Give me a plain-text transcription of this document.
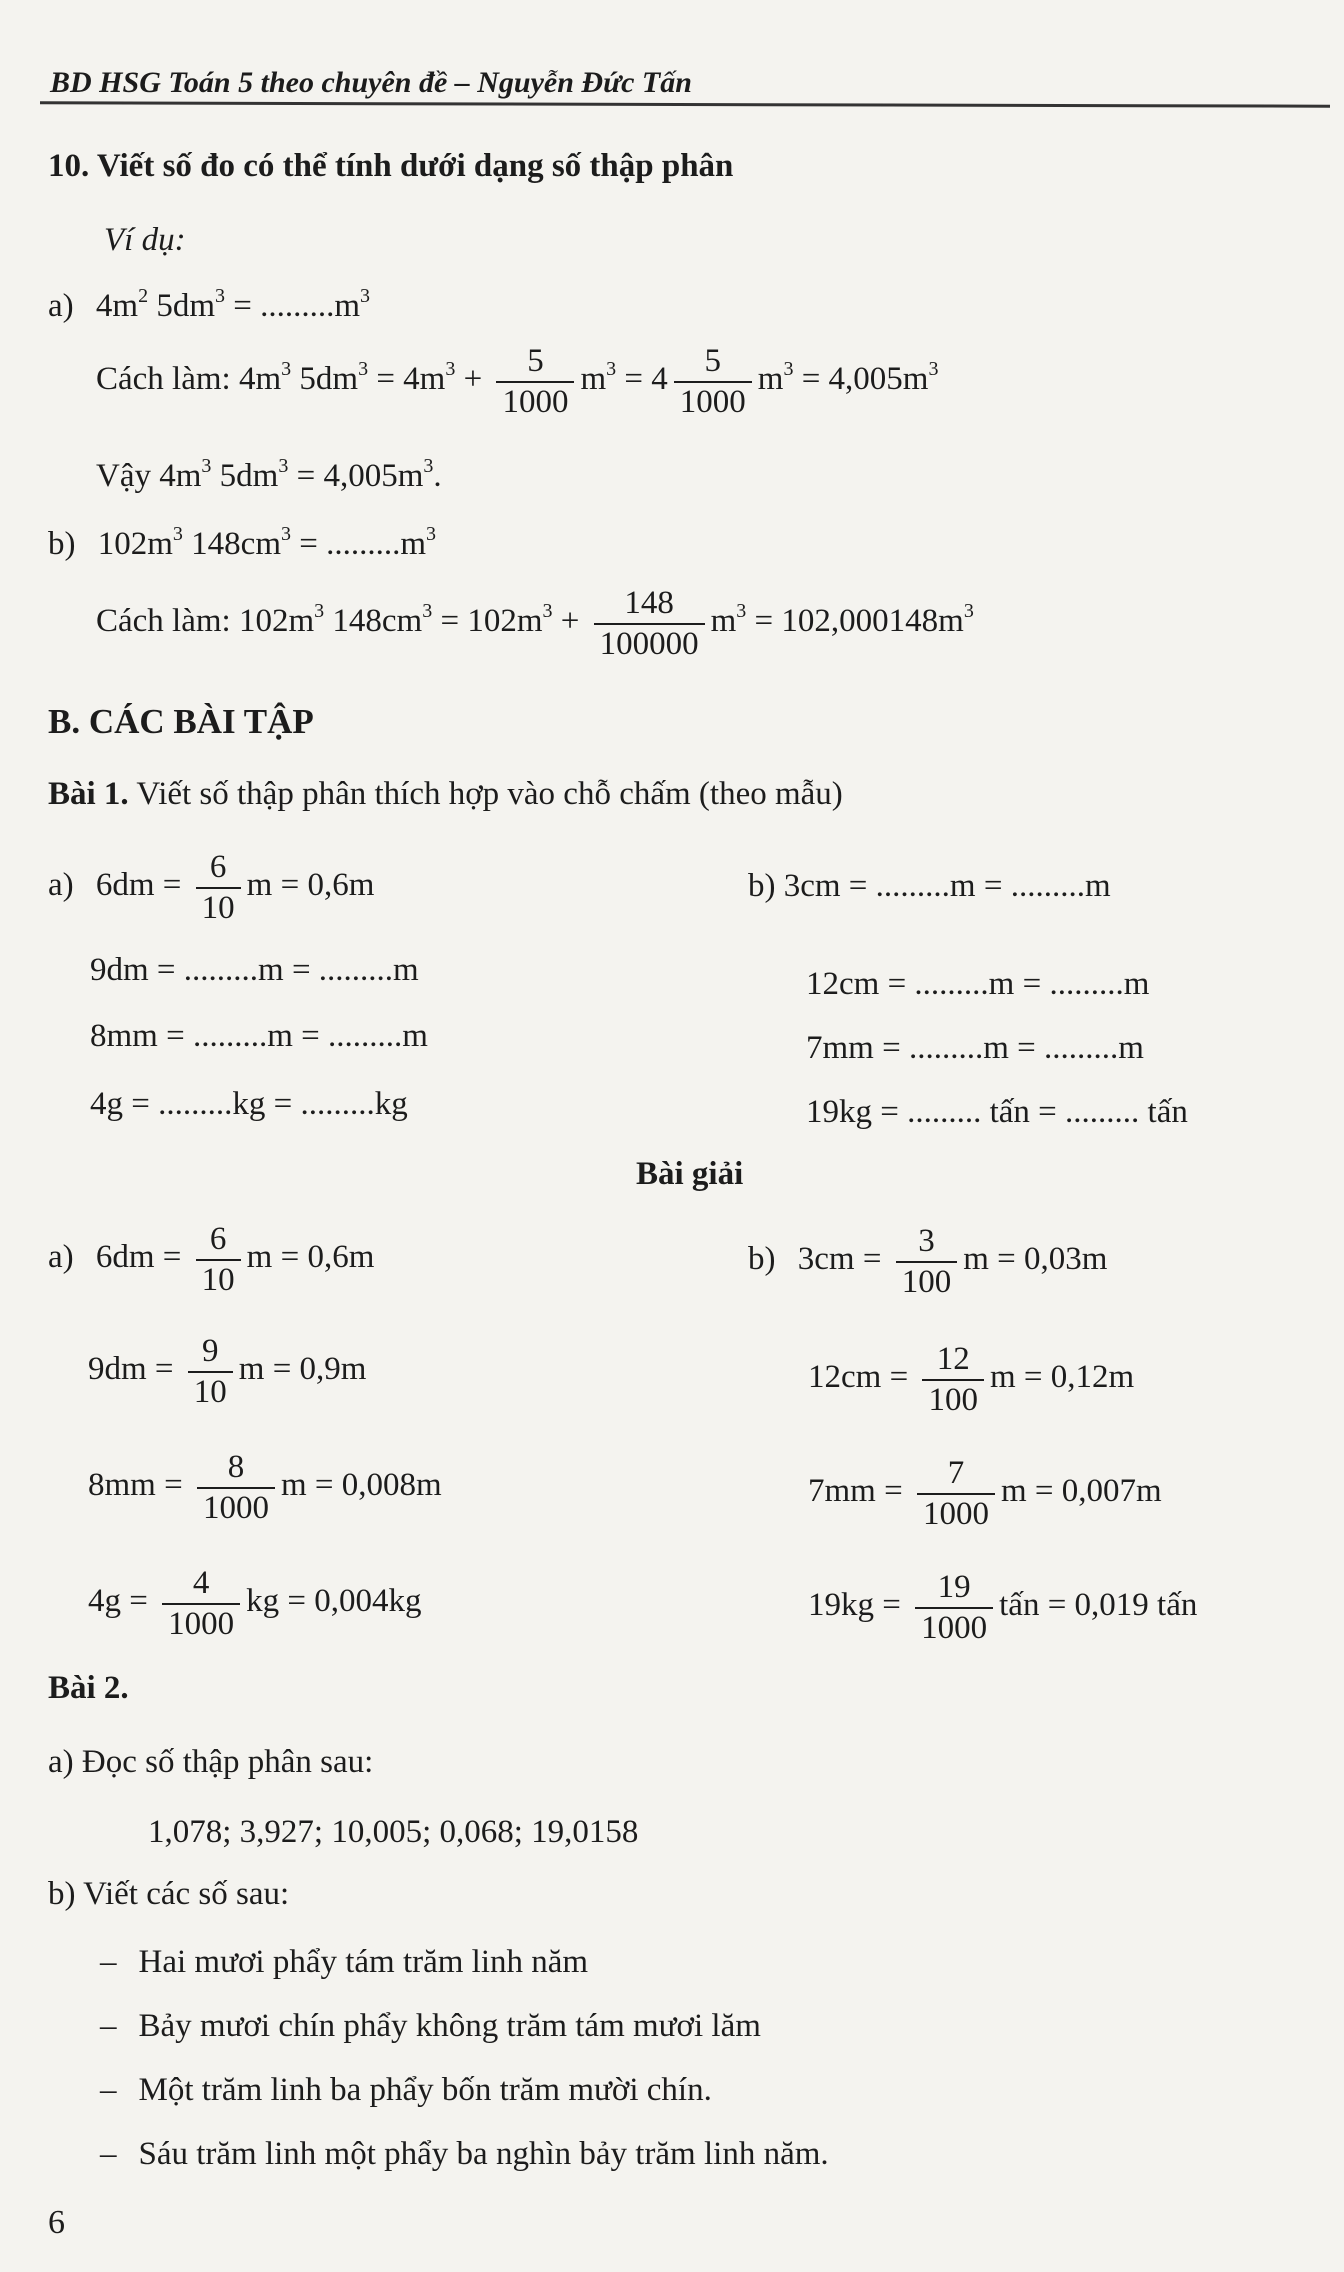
BD HSG Toán 5 theo chuyên đề – Nguyễn Đức Tấn
10. Viết số đo có thể tính dưới dạng số thập phân
Ví dụ:
a) $4m^2$ $5dm^3 = .........m^3$
Cách làm: $4m^3$ $5dm^3 = 4m^3 + \frac{5}{1000} m^3 = 4 \frac{5}{1000} m^3 = 4,005m^3$
Vậy $4m^3$ $5dm^3 = 4,005m^3$.
b) $102m^3$ $148cm^3 = .........m^3$
Cách làm: $102m^3$ $148cm^3 = 102m^3 + \frac{148}{100000} m^3 = 102,000148m^3$
B. CÁC BÀI TẬP
Bài 1. Viết số thập phân thích hợp vào chỗ chấm (theo mẫu)
a) $6dm = \frac{6}{10}$ m = 0,6m
9dm = .........m = .........m
8mm = .........m = .........m
4g = .........kg = .........kg
b) 3cm = .........m = .........m
12cm = .........m = .........m
7mm = .........m = .........m
19kg = ......... tấn = ......... tấn
Bài giải
a) $6dm = \frac{6}{10}$ m = 0,6m
$9dm = \frac{9}{10}$ m = 0,9m
$8mm = \frac{8}{1000}$ m = 0,008m
$4g = \frac{4}{1000}$ kg = 0,004kg
b) $3cm = \frac{3}{100}$ m = 0,03m
$12cm = \frac{12}{100}$ m = 0,12m
$7mm = \frac{7}{1000}$ m = 0,007m
$19kg = \frac{19}{1000}$ tấn = 0,019 tấn
Bài 2.
a) Đọc số thập phân sau:
1,078; 3,927; 10,005; 0,068; 19,0158
b) Viết các số sau:
– Hai mươi phẩy tám trăm linh năm
– Bảy mươi chín phẩy không trăm tám mươi lăm
– Một trăm linh ba phẩy bốn trăm mười chín.
– Sáu trăm linh một phẩy ba nghìn bảy trăm linh năm.
6
